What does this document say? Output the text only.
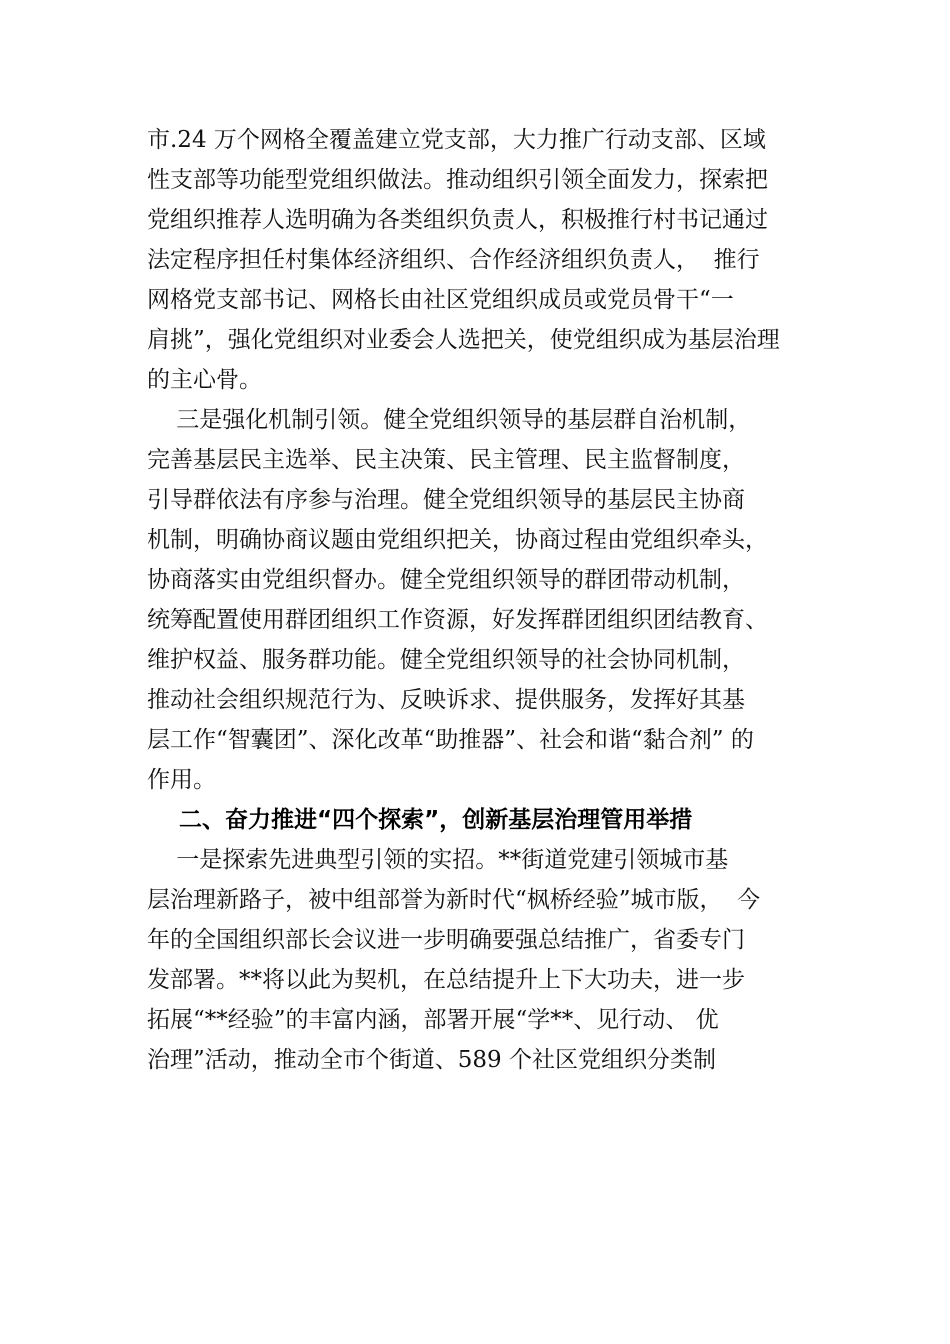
市.24 万个网格全覆盖建立党支部，大力推广行动支部、区域
性支部等功能型党组织做法。推动组织引领全面发力，探索把
党组织推荐人选明确为各类组织负责人，积极推行村书记通过
法定程序担任村集体经济组织、合作经济组织负责人，  推行
网格党支部书记、网格长由社区党组织成员或党员骨干“一
肩挑”，强化党组织对业委会人选把关，使党组织成为基层治理
的主心骨。
三是强化机制引领。健全党组织领导的基层群自治机制，
完善基层民主选举、民主决策、民主管理、民主监督制度，
引导群依法有序参与治理。健全党组织领导的基层民主协商
机制，明确协商议题由党组织把关，协商过程由党组织牵头，
协商落实由党组织督办。健全党组织领导的群团带动机制，
统筹配置使用群团组织工作资源，好发挥群团组织团结教育、
维护权益、服务群功能。健全党组织领导的社会协同机制，
推动社会组织规范行为、反映诉求、提供服务，发挥好其基
层工作“智囊团”、深化改革“助推器”、社会和谐“黏合剂” 的
作用。
二、奋力推进“四个探索”，创新基层治理管用举措
一是探索先进典型引领的实招。**街道党建引领城市基
层治理新路子，被中组部誉为新时代“枫桥经验”城市版，  今
年的全国组织部长会议进一步明确要强总结推广，省委专门
发部署。**将以此为契机，在总结提升上下大功夫，进一步
拓展“**经验”的丰富内涵，部署开展“学**、见行动、 优
治理”活动，推动全市个街道、589 个社区党组织分类制
